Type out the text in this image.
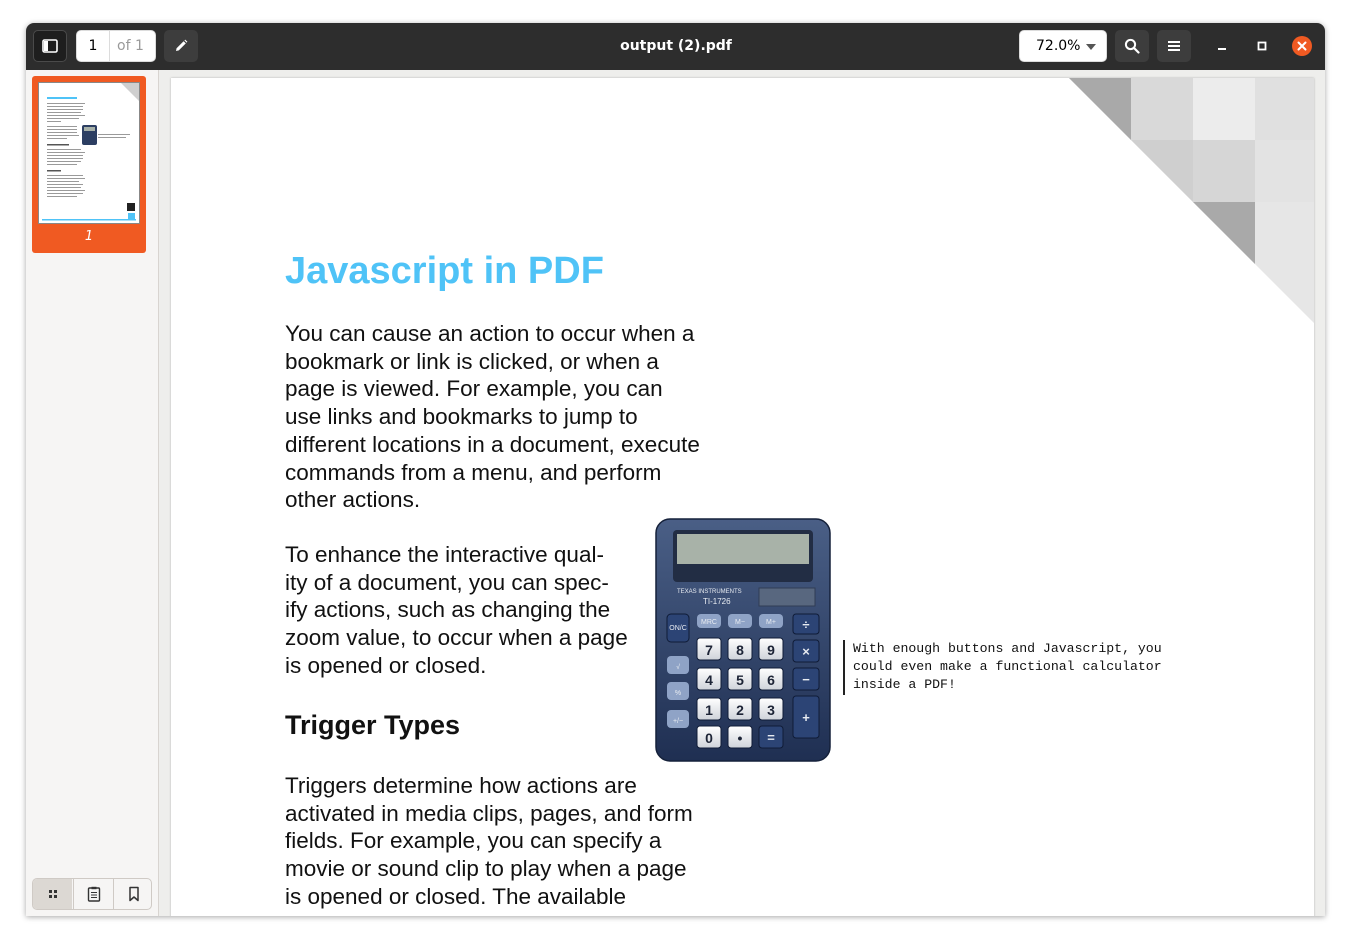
1	of 1	output (2).pdf	72.0%
1
Javascript in PDF
You can cause an action to occur when a
bookmark or link is clicked, or when a
page is viewed. For example, you can
use links and bookmarks to jump to
different locations in a document, execute
commands from a menu, and perform
other actions.
To enhance the interactive qual-
ity of a document, you can spec-
ify actions, such as changing the
zoom value, to occur when a page
is opened or closed.
Trigger Types
Triggers determine how actions are
activated in media clips, pages, and form
fields. For example, you can specify a
movie or sound clip to play when a page
is opened or closed. The available
TEXAS INSTRUMENTS
TI-1726
MRC	M−	M+
ON/C
√
%
+/−
7 8 9
4 5 6
1 2 3
0 • =
÷
×
−
+
With enough buttons and Javascript, you
could even make a functional calculator
inside a PDF!
